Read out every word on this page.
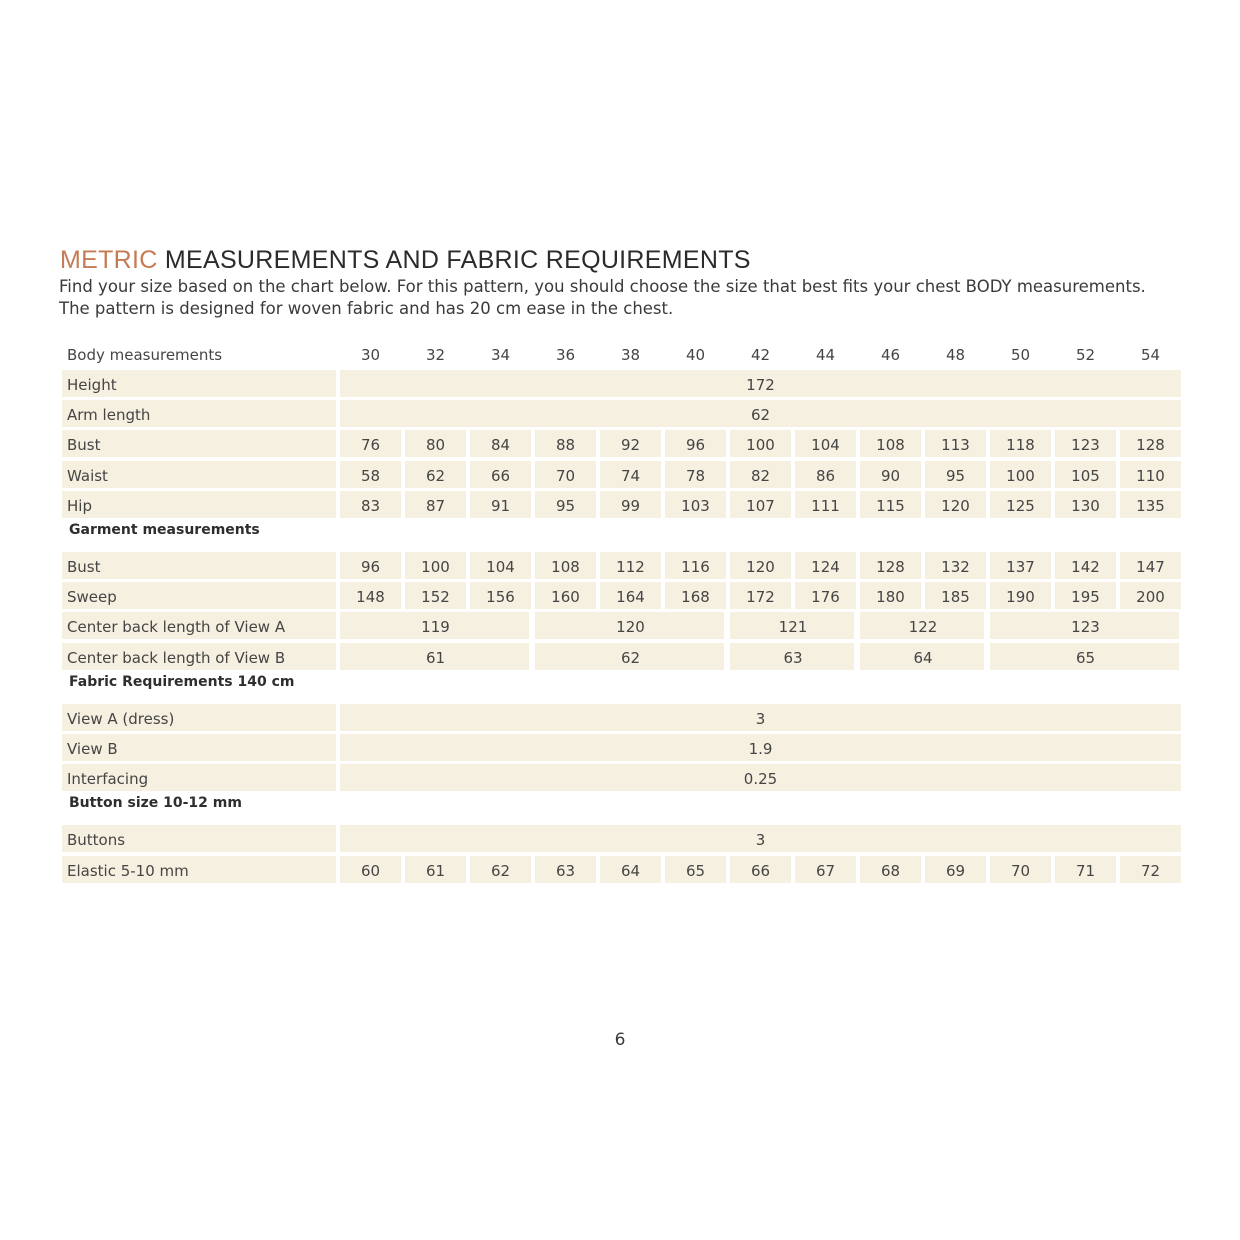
METRIC MEASUREMENTS AND FABRIC REQUIREMENTS

Find your size based on the chart below. For this pattern, you should choose the size that best fits your chest BODY measurements.
The pattern is designed for woven fabric and has 20 cm ease in the chest.

Body measurements	30	32	34	36	38	40	42	44	46	48	50	52	54
Height	172
Arm length	62
Bust	76	80	84	88	92	96	100 104 108 113 118 123 128
Waist	58	62	66	70	74	78	82	86	90	95	100 105 110
Hip	83	87	91	95	99	103 107 111 115 120 125 130 135
Garment measurements
Bust	96	100 104 108 112 116 120 124 128 132 137 142 147
Sweep	148 152 156 160 164 168 172 176 180 185 190 195 200
Center back length of View A	119	120	121	122	123
Center back length of View B	61	62	63	64	65
Fabric Requirements 140 cm
View A (dress)	3
View B	1.9
Interfacing	0.25
Button size 10-12 mm
Buttons	3
Elastic 5-10 mm	60	61	62	63	64	65	66	67	68	69	70	71	72
6
